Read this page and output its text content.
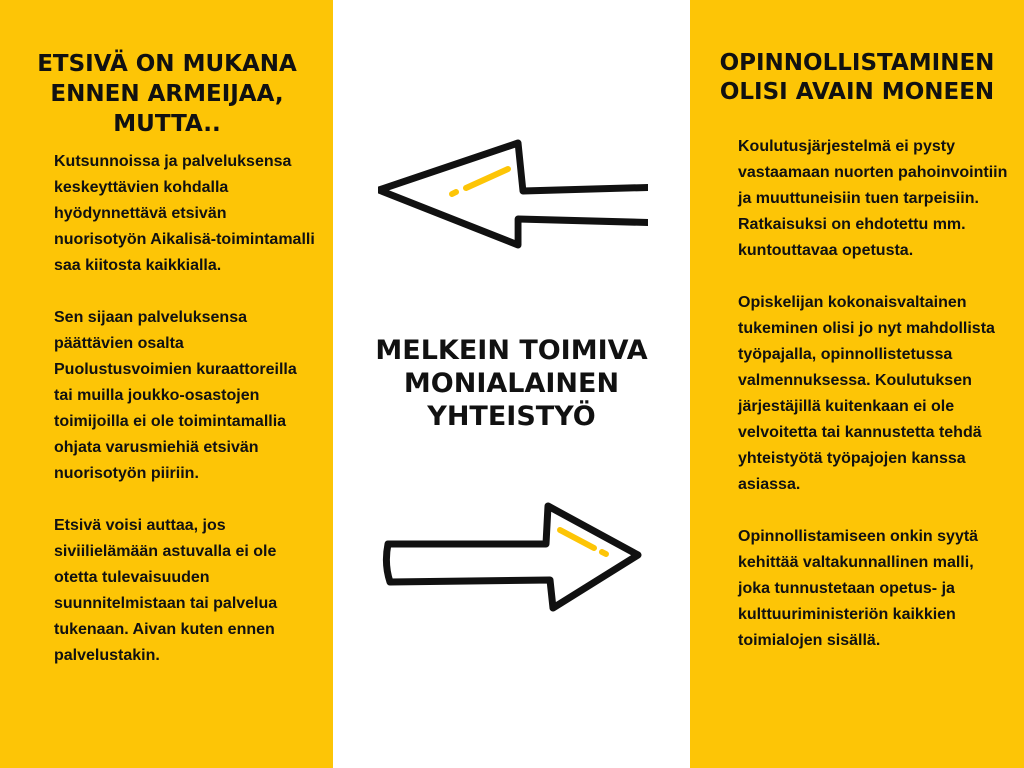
ETSIVÄ ON MUKANA ENNEN ARMEIJAA, MUTTA..

Kutsunnoissa ja palveluksensa keskeyttävien kohdalla hyödynnettävä etsivän nuorisotyön Aikalisä-toimintamalli saa kiitosta kaikkialla.

Sen sijaan palveluksensa päättävien osalta Puolustusvoimien kuraattoreilla tai muilla joukko-osastojen toimijoilla ei ole toimintamallia ohjata varusmiehiä etsivän nuorisotyön piiriin.

Etsivä voisi auttaa, jos siviilielämään astuvalla ei ole otetta tulevaisuuden suunnitelmistaan tai palvelua tukenaan. Aivan kuten ennen palvelustakin.

MELKEIN TOIMIVA MONIALAINEN YHTEISTYÖ
OPINNOLLISTAMINEN OLISI AVAIN MONEEN

Koulutusjärjestelmä ei pysty vastaamaan nuorten pahoinvointiin ja muuttuneisiin tuen tarpeisiin. Ratkaisuksi on ehdotettu mm. kuntouttavaa opetusta.

Opiskelijan kokonaisvaltainen tukeminen olisi jo nyt mahdollista työpajalla, opinnollistetussa valmennuksessa. Koulutuksen järjestäjillä kuitenkaan ei ole velvoitetta tai kannustetta tehdä yhteistyötä työpajojen kanssa asiassa.

Opinnollistamiseen onkin syytä kehittää valtakunnallinen malli, joka tunnustetaan opetus- ja kulttuuriministeriön kaikkien toimialojen sisällä.
